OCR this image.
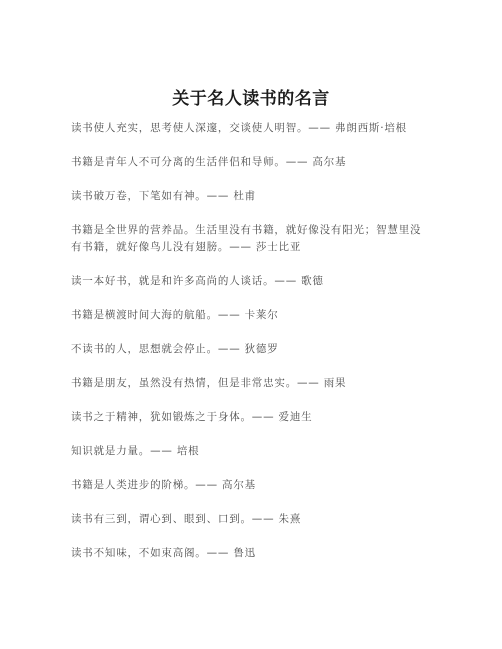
关于名人读书的名言
读书使人充实，思考使人深邃，交谈使人明智。—— 弗朗西斯·培根
书籍是青年人不可分离的生活伴侣和导师。—— 高尔基
读书破万卷，下笔如有神。—— 杜甫
书籍是全世界的营养品。生活里没有书籍，就好像没有阳光；智慧里没有书籍，就好像鸟儿没有翅膀。—— 莎士比亚
读一本好书，就是和许多高尚的人谈话。—— 歌德
书籍是横渡时间大海的航船。—— 卡莱尔
不读书的人，思想就会停止。—— 狄德罗
书籍是朋友，虽然没有热情，但是非常忠实。—— 雨果
读书之于精神，犹如锻炼之于身体。—— 爱迪生
知识就是力量。—— 培根
书籍是人类进步的阶梯。—— 高尔基
读书有三到，谓心到、眼到、口到。—— 朱熹
读书不知味，不如束高阁。—— 鲁迅
